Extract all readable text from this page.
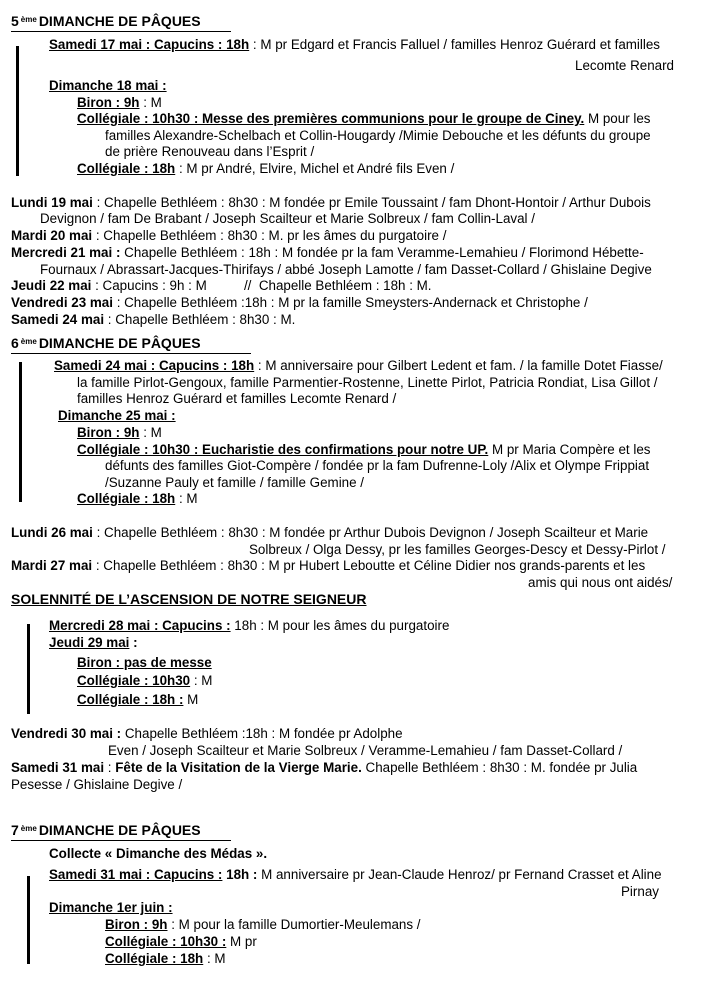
5 $^{ème}$ DIMANCHE DE PÂQUES
Samedi 17 mai : Capucins : 18h : M pr Edgard et Francis Falluel / familles Henroz Guérard et familles
Lecomte Renard
Dimanche 18 mai :
Biron : 9h : M
Collégiale : 10h30 : Messe des premières communions pour le groupe de Ciney. M pour les
familles Alexandre-Schelbach et Collin-Hougardy /Mimie Debouche et les défunts du groupe
de prière Renouveau dans l’Esprit /
Collégiale : 18h : M pr André, Elvire, Michel et André fils Even /
Lundi 19 mai : Chapelle Bethléem : 8h30 : M fondée pr Emile Toussaint / fam Dhont-Hontoir / Arthur Dubois
Devignon / fam De Brabant / Joseph Scailteur et Marie Solbreux / fam Collin-Laval /
Mardi 20 mai : Chapelle Bethléem : 8h30 : M. pr les âmes du purgatoire /
Mercredi 21 mai : Chapelle Bethléem : 18h : M fondée pr la fam Veramme-Lemahieu / Florimond Hébette-
Fournaux / Abrassart-Jacques-Thirifays / abbé Joseph Lamotte / fam Dasset-Collard / Ghislaine Degive
Jeudi 22 mai : Capucins : 9h : M          //  Chapelle Bethléem : 18h : M.
Vendredi 23 mai : Chapelle Bethléem :18h : M pr la famille Smeysters-Andernack et Christophe /
Samedi 24 mai : Chapelle Bethléem : 8h30 : M.
6 $^{ème}$ DIMANCHE DE PÂQUES
Samedi 24 mai : Capucins : 18h : M anniversaire pour Gilbert Ledent et fam. / la famille Dotet Fiasse/
la famille Pirlot-Gengoux, famille Parmentier-Rostenne, Linette Pirlot, Patricia Rondiat, Lisa Gillot /
familles Henroz Guérard et familles Lecomte Renard /
Dimanche 25 mai :
Biron : 9h : M
Collégiale : 10h30 : Eucharistie des confirmations pour notre UP. M pr Maria Compère et les
défunts des familles Giot-Compère / fondée pr la fam Dufrenne-Loly /Alix et Olympe Frippiat
/Suzanne Pauly et famille / famille Gemine /
Collégiale : 18h : M
Lundi 26 mai : Chapelle Bethléem : 8h30 : M fondée pr Arthur Dubois Devignon / Joseph Scailteur et Marie
Solbreux / Olga Dessy, pr les familles Georges-Descy et Dessy-Pirlot /
Mardi 27 mai : Chapelle Bethléem : 8h30 : M pr Hubert Leboutte et Céline Didier nos grands-parents et les
amis qui nous ont aidés/
SOLENNITÉ DE L’ASCENSION DE NOTRE SEIGNEUR
Mercredi 28 mai : Capucins : 18h : M pour les âmes du purgatoire
Jeudi 29 mai :
Biron : pas de messe
Collégiale : 10h30 : M
Collégiale : 18h : M
Vendredi 30 mai : Chapelle Bethléem :18h : M fondée pr Adolphe
Even / Joseph Scailteur et Marie Solbreux / Veramme-Lemahieu / fam Dasset-Collard /
Samedi 31 mai : Fête de la Visitation de la Vierge Marie. Chapelle Bethléem : 8h30 : M. fondée pr Julia
Pesesse / Ghislaine Degive /
7 $^{ème}$ DIMANCHE DE PÂQUES
Collecte « Dimanche des Médas ».
Samedi 31 mai : Capucins : 18h : M anniversaire pr Jean-Claude Henroz/ pr Fernand Crasset et Aline
Pirnay
Dimanche 1er juin :
Biron : 9h : M pour la famille Dumortier-Meulemans /
Collégiale : 10h30 : M pr
Collégiale : 18h : M
